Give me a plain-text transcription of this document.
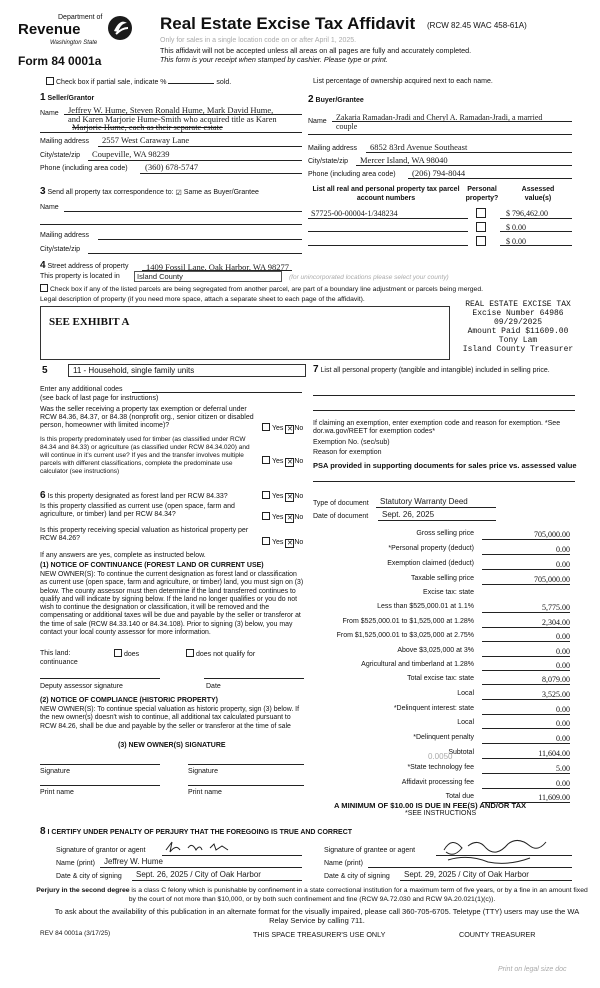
Department of
Revenue
Washington State
Form 84 0001a
Real Estate Excise Tax Affidavit (RCW 82.45 WAC 458-61A)
Only for sales in a single location code on or after April 1, 2025.
This affidavit will not be accepted unless all areas on all pages are fully and accurately completed.
This form is your receipt when stamped by cashier. Please type or print.
Check box if partial sale, indicate %	sold.	List percentage of ownership acquired next to each name.
1 Seller/Grantor
Name Jeffrey W. Hume, Steven Ronald Hume, Mark David Hume,
and Karen Marjorie Hume-Smith who acquired title as Karen
Marjorie Hume, each as their separate estate
Mailing address 2557 West Caraway Lane
City/state/zip Coupeville, WA 98239
Phone (including area code) (360) 678-5747
2 Buyer/Grantee
Name Zakaria Ramadan-Jradi and Cheryl A. Ramadan-Jradi, a married
couple
Mailing address 6852 83rd Avenue Southeast
City/state/zip Mercer Island, WA 98040
Phone (including area code) (206) 794-8044
3 Send all property tax correspondence to: ☑ Same as Buyer/Grantee
Name
Mailing address
City/state/zip
List all real and personal property tax parcel account numbers
Personal property?
Assessed value(s)
S7725-00-00004-1/348234	$ 796,462.00
$ 0.00
$ 0.00
4 Street address of property 1409 Fossil Lane, Oak Harbor, WA 98277
This property is located in Island County	(for unincorporated locations please select your county)
Check box if any of the listed parcels are being segregated from another parcel, are part of a boundary line adjustment or parcels being merged.
Legal description of property (if you need more space, attach a separate sheet to each page of the affidavit).
SEE EXHIBIT A
REAL ESTATE EXCISE TAX
Excise Number 64986
09/29/2025
Amount Paid $11609.00
Tony Lam
Island County Treasurer
5	11 - Household, single family units
Enter any additional codes
(see back of last page for instructions)
Was the seller receiving a property tax exemption or deferral under RCW 84.36, 84.37, or 84.38 (nonprofit org., senior citizen or disabled person, homeowner with limited income)?	Yes ✕ No
Is this property predominately used for timber (as classified under RCW 84.34 and 84.33) or agriculture (as classified under RCW 84.34.020) and will continue in it's current use? If yes and the transfer involves multiple parcels with different classifications, complete the predominate use calculator (see instructions)
Yes ✕ No
6 Is this property designated as forest land per RCW 84.33?	Yes ✕ No
Is this property classified as current use (open space, farm and agriculture, or timber) land per RCW 84.34?	Yes ✕ No
Is this property receiving special valuation as historical property per RCW 84.26?
Yes ✕ No
If any answers are yes, complete as instructed below.
(1) NOTICE OF CONTINUANCE (FOREST LAND OR CURRENT USE)
NEW OWNER(S): To continue the current designation as forest land or classification as current use (open space, farm and agriculture, or timber) land, you must sign on (3) below. The county assessor must then determine if the land transferred continues to qualify and will indicate by signing below. If the land no longer qualifies or you do not wish to continue the designation or classification, it will be removed and the compensating or additional taxes will be due and payable by the seller or transferor at the time of sale (RCW 84.33.140 or 84.34.108). Prior to signing (3) below, you may contact your local county assessor for more information.
This land:	does	does not qualify for
continuance
Deputy assessor signature	Date
(2) NOTICE OF COMPLIANCE (HISTORIC PROPERTY)
NEW OWNER(S): To continue special valuation as historic property, sign (3) below. If the new owner(s) doesn't wish to continue, all additional tax calculated pursuant to RCW 84.26, shall be due and payable by the seller or transferor at the time of sale
(3) NEW OWNER(S) SIGNATURE
Signature	Signature
Print name	Print name
7 List all personal property (tangible and intangible) included in selling price.
If claiming an exemption, enter exemption code and reason for exemption. *See dor.wa.gov/REET for exemption codes*
Exemption No. (sec/sub)
Reason for exemption
PSA provided in supporting documents for sales price vs. assessed value
Type of document Statutory Warranty Deed
Date of document Sept. 26, 2025
Gross selling price	705,000.00
*Personal property (deduct)	0.00
Exemption claimed (deduct)	0.00
Taxable selling price	705,000.00
Excise tax: state
Less than $525,000.01 at 1.1%	5,775.00
From $525,000.01 to $1,525,000 at 1.28%	2,304.00
From $1,525,000.01 to $3,025,000 at 2.75%	0.00
Above $3,025,000 at 3%	0.00
Agricultural and timberland at 1.28%	0.00
Total excise tax: state	8,079.00
Local	3,525.00
*Delinquent interest: state	0.00
Local	0.00
*Delinquent penalty	0.00
Subtotal	11,604.00
*State technology fee	5.00
Affidavit processing fee	0.00
Total due	11,609.00
0.0050
A MINIMUM OF $10.00 IS DUE IN FEE(S) AND/OR TAX
*SEE INSTRUCTIONS
8 I CERTIFY UNDER PENALTY OF PERJURY THAT THE FOREGOING IS TRUE AND CORRECT
Signature of grantor or agent
Name (print) Jeffrey W. Hume
Date & city of signing Sept. 26, 2025 / City of Oak Harbor
Signature of grantee or agent
Name (print)
Date & city of signing Sept. 29, 2025 / City of Oak Harbor
Perjury in the second degree is a class C felony which is punishable by confinement in a state correctional institution for a maximum term of five years, or by a fine in an amount fixed by the court of not more than $10,000, or by both such confinement and fine (RCW 9A.72.030 and RCW 9A.20.021(1)(c)).
To ask about the availability of this publication in an alternate format for the visually impaired, please call 360-705-6705. Teletype (TTY) users may use the WA Relay Service by calling 711.
REV 84 0001a (3/17/25)	THIS SPACE TREASURER'S USE ONLY	COUNTY TREASURER
Print on legal size doc
